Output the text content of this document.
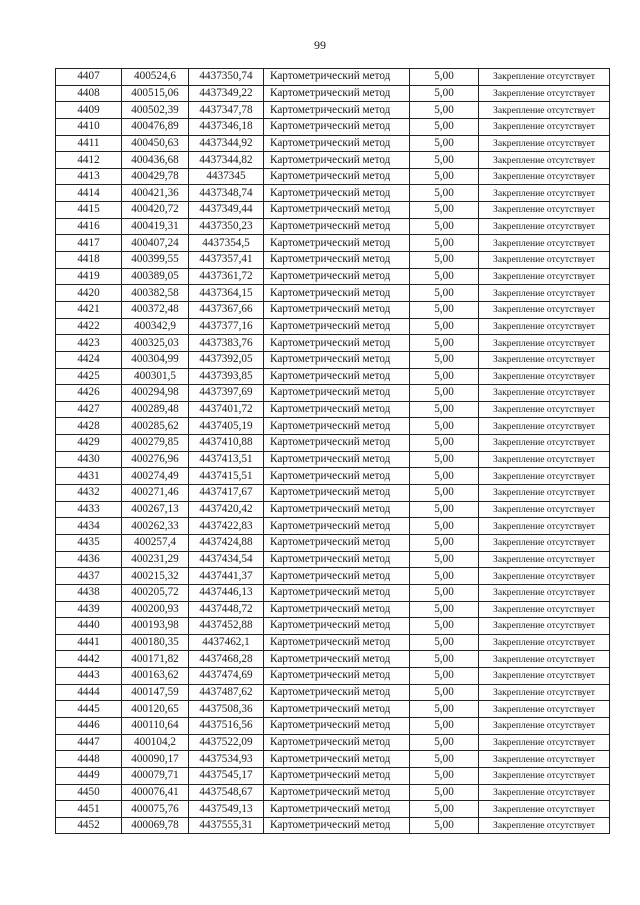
99
4407	400524,6	4437350,74	Картометрический метод	5,00	Закрепление отсутствует
4408	400515,06	4437349,22	Картометрический метод	5,00	Закрепление отсутствует
4409	400502,39	4437347,78	Картометрический метод	5,00	Закрепление отсутствует
4410	400476,89	4437346,18	Картометрический метод	5,00	Закрепление отсутствует
4411	400450,63	4437344,92	Картометрический метод	5,00	Закрепление отсутствует
4412	400436,68	4437344,82	Картометрический метод	5,00	Закрепление отсутствует
4413	400429,78	4437345	Картометрический метод	5,00	Закрепление отсутствует
4414	400421,36	4437348,74	Картометрический метод	5,00	Закрепление отсутствует
4415	400420,72	4437349,44	Картометрический метод	5,00	Закрепление отсутствует
4416	400419,31	4437350,23	Картометрический метод	5,00	Закрепление отсутствует
4417	400407,24	4437354,5	Картометрический метод	5,00	Закрепление отсутствует
4418	400399,55	4437357,41	Картометрический метод	5,00	Закрепление отсутствует
4419	400389,05	4437361,72	Картометрический метод	5,00	Закрепление отсутствует
4420	400382,58	4437364,15	Картометрический метод	5,00	Закрепление отсутствует
4421	400372,48	4437367,66	Картометрический метод	5,00	Закрепление отсутствует
4422	400342,9	4437377,16	Картометрический метод	5,00	Закрепление отсутствует
4423	400325,03	4437383,76	Картометрический метод	5,00	Закрепление отсутствует
4424	400304,99	4437392,05	Картометрический метод	5,00	Закрепление отсутствует
4425	400301,5	4437393,85	Картометрический метод	5,00	Закрепление отсутствует
4426	400294,98	4437397,69	Картометрический метод	5,00	Закрепление отсутствует
4427	400289,48	4437401,72	Картометрический метод	5,00	Закрепление отсутствует
4428	400285,62	4437405,19	Картометрический метод	5,00	Закрепление отсутствует
4429	400279,85	4437410,88	Картометрический метод	5,00	Закрепление отсутствует
4430	400276,96	4437413,51	Картометрический метод	5,00	Закрепление отсутствует
4431	400274,49	4437415,51	Картометрический метод	5,00	Закрепление отсутствует
4432	400271,46	4437417,67	Картометрический метод	5,00	Закрепление отсутствует
4433	400267,13	4437420,42	Картометрический метод	5,00	Закрепление отсутствует
4434	400262,33	4437422,83	Картометрический метод	5,00	Закрепление отсутствует
4435	400257,4	4437424,88	Картометрический метод	5,00	Закрепление отсутствует
4436	400231,29	4437434,54	Картометрический метод	5,00	Закрепление отсутствует
4437	400215,32	4437441,37	Картометрический метод	5,00	Закрепление отсутствует
4438	400205,72	4437446,13	Картометрический метод	5,00	Закрепление отсутствует
4439	400200,93	4437448,72	Картометрический метод	5,00	Закрепление отсутствует
4440	400193,98	4437452,88	Картометрический метод	5,00	Закрепление отсутствует
4441	400180,35	4437462,1	Картометрический метод	5,00	Закрепление отсутствует
4442	400171,82	4437468,28	Картометрический метод	5,00	Закрепление отсутствует
4443	400163,62	4437474,69	Картометрический метод	5,00	Закрепление отсутствует
4444	400147,59	4437487,62	Картометрический метод	5,00	Закрепление отсутствует
4445	400120,65	4437508,36	Картометрический метод	5,00	Закрепление отсутствует
4446	400110,64	4437516,56	Картометрический метод	5,00	Закрепление отсутствует
4447	400104,2	4437522,09	Картометрический метод	5,00	Закрепление отсутствует
4448	400090,17	4437534,93	Картометрический метод	5,00	Закрепление отсутствует
4449	400079,71	4437545,17	Картометрический метод	5,00	Закрепление отсутствует
4450	400076,41	4437548,67	Картометрический метод	5,00	Закрепление отсутствует
4451	400075,76	4437549,13	Картометрический метод	5,00	Закрепление отсутствует
4452	400069,78	4437555,31	Картометрический метод	5,00	Закрепление отсутствует
